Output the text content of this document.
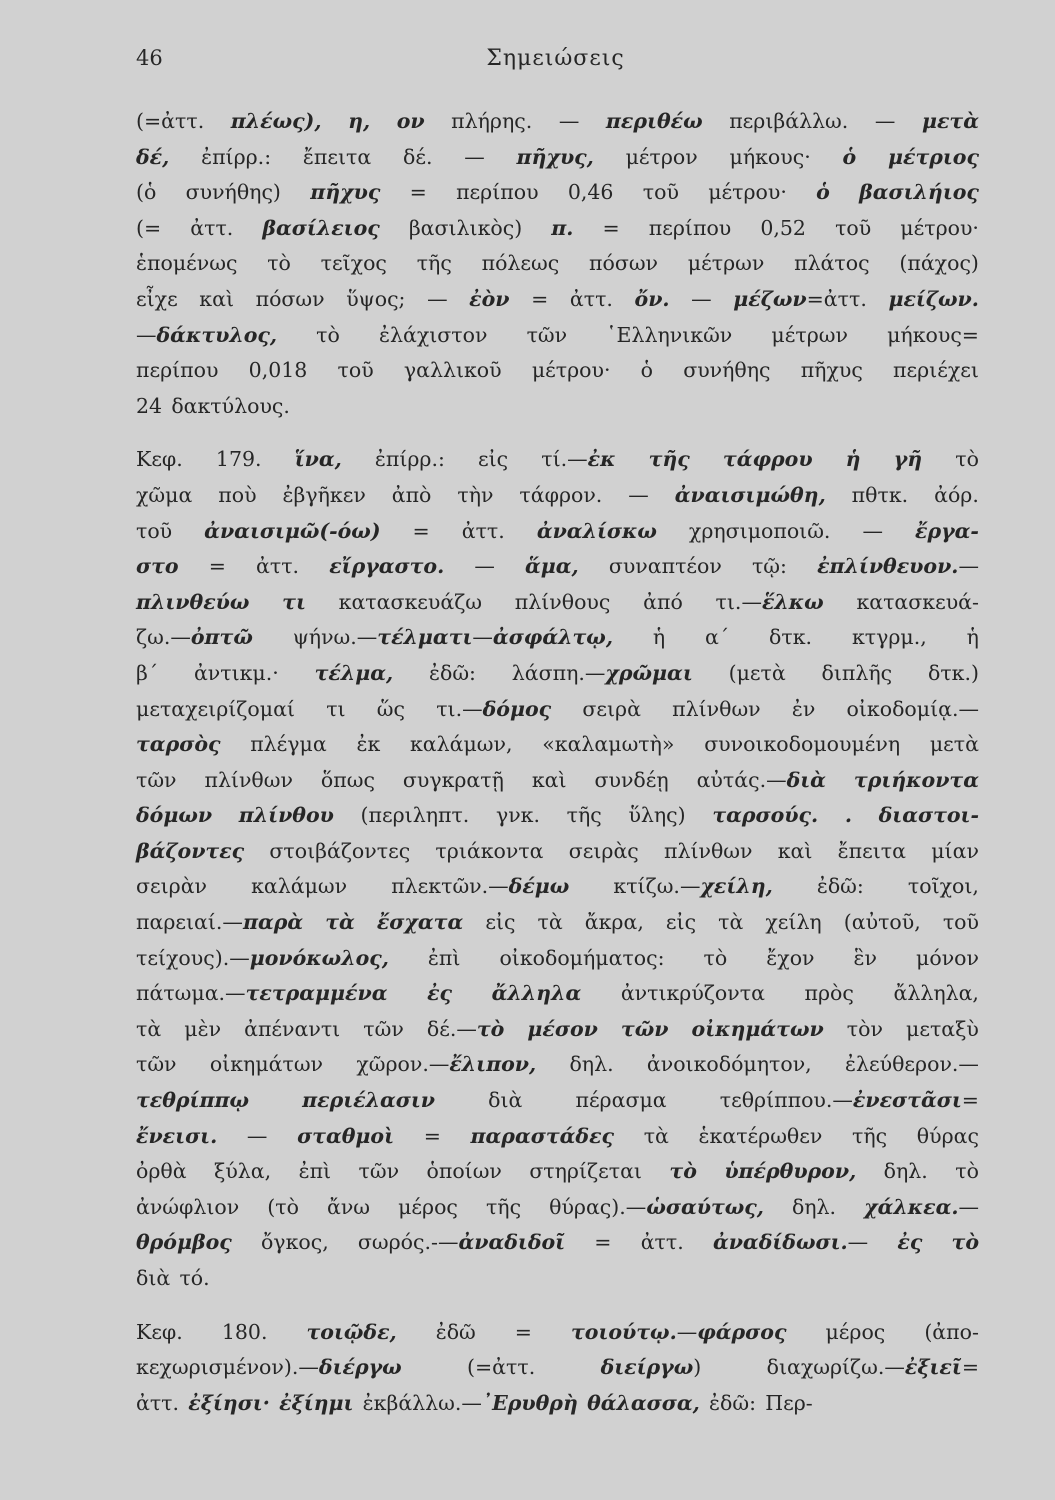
46	Σημειώσεις
(=ἀττ. πλέως), η, ον πλήρης. — περιθέω περιβάλλω. — μετὰ
δέ, ἐπίρρ.: ἔπειτα δέ. — πῆχυς, μέτρον μήκους· ὁ μέτριος
(ὁ συνήθης) πῆχυς = περίπου 0,46 τοῦ μέτρου· ὁ βασιλήιος
(= ἀττ. βασίλειος βασιλικὸς) π. = περίπου 0,52 τοῦ μέτρου·
ἑπομένως τὸ τεῖχος τῆς πόλεως πόσων μέτρων πλάτος (πάχος)
εἶχε καὶ πόσων ὕψος; — ἐὸν = ἀττ. ὄν. — μέζων=ἀττ. μείζων.
—δάκτυλος, τὸ ἐλάχιστον τῶν ῾Ελληνικῶν μέτρων μήκους=
περίπου 0,018 τοῦ γαλλικοῦ μέτρου· ὁ συνήθης πῆχυς περιέχει
24 δακτύλους.
Κεφ. 179. ἵνα, ἐπίρρ.: εἰς τί.—ἐκ τῆς τάφρου ἡ γῆ τὸ
χῶμα ποὺ ἐβγῆκεν ἀπὸ τὴν τάφρον. — ἀναισιμώθη, πθτκ. ἀόρ.
τοῦ ἀναισιμῶ(-όω) = ἀττ. ἀναλίσκω χρησιμοποιῶ. — ἔργα-
στο = ἀττ. εἴργαστο. — ἅμα, συναπτέον τῷ: ἐπλίνθευον.—
πλινθεύω τι κατασκευάζω πλίνθους ἀπό τι.—ἕλκω κατασκευά-
ζω.—ὀπτῶ ψήνω.—τέλματι—ἀσφάλτῳ, ἡ α΄ δτκ. κτγρμ., ἡ
β΄ ἀντικμ.· τέλμα, ἐδῶ: λάσπη.—χρῶμαι (μετὰ διπλῆς δτκ.)
μεταχειρίζομαί τι ὥς τι.—δόμος σειρὰ πλίνθων ἐν οἰκοδομίᾳ.—
ταρσὸς πλέγμα ἐκ καλάμων, «καλαμωτὴ» συνοικοδομουμένη μετὰ
τῶν πλίνθων ὅπως συγκρατῇ καὶ συνδέῃ αὐτάς.—διὰ τριήκοντα
δόμων πλίνθου (περιληπτ. γνκ. τῆς ὕλης) ταρσούς. . διαστοι-
βάζοντες στοιβάζοντες τριάκοντα σειρὰς πλίνθων καὶ ἔπειτα μίαν
σειρὰν καλάμων πλεκτῶν.—δέμω κτίζω.—χείλη, ἐδῶ: τοῖχοι,
παρειαί.—παρὰ τὰ ἔσχατα εἰς τὰ ἄκρα, εἰς τὰ χείλη (αὐτοῦ, τοῦ
τείχους).—μονόκωλος, ἐπὶ οἰκοδομήματος: τὸ ἔχον ἓν μόνον
πάτωμα.—τετραμμένα ἐς ἄλληλα ἀντικρύζοντα πρὸς ἄλληλα,
τὰ μὲν ἀπέναντι τῶν δέ.—τὸ μέσον τῶν οἰκημάτων τὸν μεταξὺ
τῶν οἰκημάτων χῶρον.—ἔλιπον, δηλ. ἀνοικοδόμητον, ἐλεύθερον.—
τεθρίππῳ	περιέλασιν	διὰ	πέρασμα	τεθρίππου.—ἐνεστᾶσι=
ἔνεισι. — σταθμοὶ = παραστάδες τὰ ἑκατέρωθεν τῆς θύρας
ὀρθὰ ξύλα, ἐπὶ τῶν ὁποίων στηρίζεται τὸ ὑπέρθυρον, δηλ. τὸ
ἀνώφλιον (τὸ ἄνω μέρος τῆς θύρας).—ὡσαύτως, δηλ. χάλκεα.—
θρόμβος ὄγκος, σωρός.-—ἀναδιδοῖ = ἀττ. ἀναδίδωσι.— ἐς τὸ
διὰ τό.
Κεφ. 180. τοιῷδε, ἐδῶ = τοιούτῳ.—φάρσος μέρος (ἀπο-
κεχωρισμένον).—διέργω	(=ἀττ.	διείργω)	διαχωρίζω.—ἐξιεῖ=
ἀττ. ἐξίησι· ἐξίημι ἐκβάλλω.—᾿Ερυθρὴ θάλασσα, ἐδῶ: Περ-
